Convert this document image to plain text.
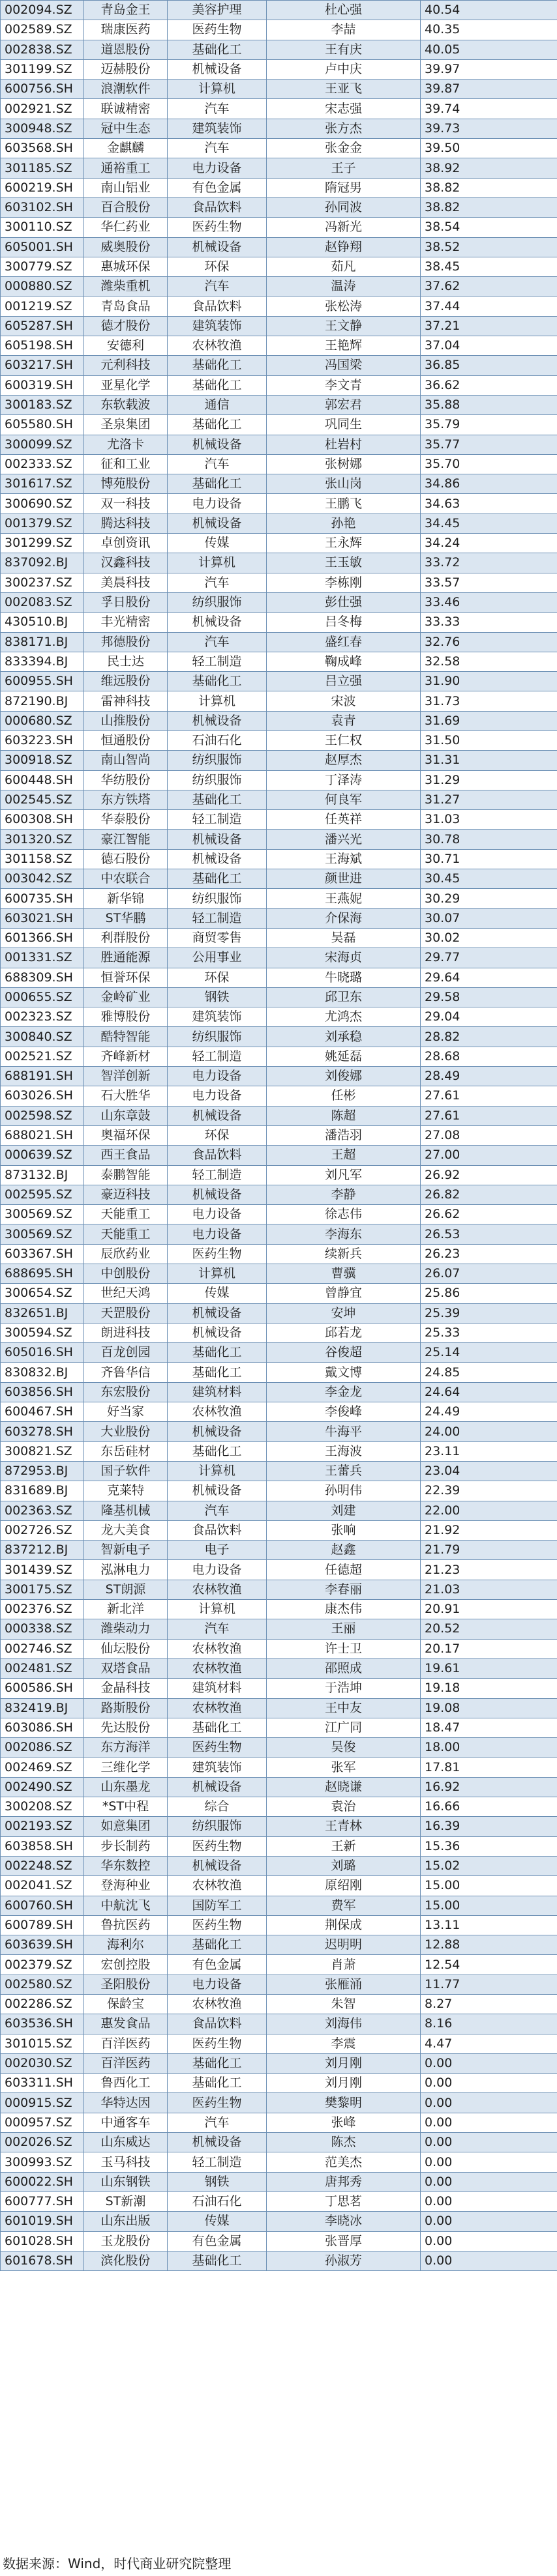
002094.SZ	青岛金王	美容护理	杜心强	40.54
002589.SZ	瑞康医药	医药生物	李喆	40.35
002838.SZ	道恩股份	基础化工	王有庆	40.05
301199.SZ	迈赫股份	机械设备	卢中庆	39.97
600756.SH	浪潮软件	计算机	王亚飞	39.87
002921.SZ	联诚精密	汽车	宋志强	39.74
300948.SZ	冠中生态	建筑装饰	张方杰	39.73
603568.SH	金麒麟	汽车	张金金	39.50
301185.SZ	通裕重工	电力设备	王子	38.92
600219.SH	南山铝业	有色金属	隋冠男	38.82
603102.SH	百合股份	食品饮料	孙同波	38.82
300110.SZ	华仁药业	医药生物	冯新光	38.54
605001.SH	威奥股份	机械设备	赵铮翔	38.52
300779.SZ	惠城环保	环保	茹凡	38.45
000880.SZ	潍柴重机	汽车	温涛	37.62
001219.SZ	青岛食品	食品饮料	张松涛	37.44
605287.SH	德才股份	建筑装饰	王文静	37.21
605198.SH	安德利	农林牧渔	王艳辉	37.04
603217.SH	元利科技	基础化工	冯国梁	36.85
600319.SH	亚星化学	基础化工	李文青	36.62
300183.SZ	东软载波	通信	郭宏君	35.88
605580.SH	圣泉集团	基础化工	巩同生	35.79
300099.SZ	尤洛卡	机械设备	杜岩村	35.77
002333.SZ	征和工业	汽车	张树娜	35.70
301617.SZ	博苑股份	基础化工	张山岗	34.86
300690.SZ	双一科技	电力设备	王鹏飞	34.63
001379.SZ	腾达科技	机械设备	孙艳	34.45
301299.SZ	卓创资讯	传媒	王永辉	34.24
837092.BJ	汉鑫科技	计算机	王玉敏	33.72
300237.SZ	美晨科技	汽车	李栋刚	33.57
002083.SZ	孚日股份	纺织服饰	彭仕强	33.46
430510.BJ	丰光精密	机械设备	吕冬梅	33.33
838171.BJ	邦德股份	汽车	盛红春	32.76
833394.BJ	民士达	轻工制造	鞠成峰	32.58
600955.SH	维远股份	基础化工	吕立强	31.90
872190.BJ	雷神科技	计算机	宋波	31.73
000680.SZ	山推股份	机械设备	袁青	31.69
603223.SH	恒通股份	石油石化	王仁权	31.50
300918.SZ	南山智尚	纺织服饰	赵厚杰	31.31
600448.SH	华纺股份	纺织服饰	丁泽涛	31.29
002545.SZ	东方铁塔	基础化工	何良军	31.27
600308.SH	华泰股份	轻工制造	任英祥	31.03
301320.SZ	豪江智能	机械设备	潘兴光	30.78
301158.SZ	德石股份	机械设备	王海斌	30.71
003042.SZ	中农联合	基础化工	颜世进	30.45
600735.SH	新华锦	纺织服饰	王燕妮	30.29
603021.SH	ST华鹏	轻工制造	介保海	30.07
601366.SH	利群股份	商贸零售	吴磊	30.02
001331.SZ	胜通能源	公用事业	宋海贞	29.77
688309.SH	恒誉环保	环保	牛晓璐	29.64
000655.SZ	金岭矿业	钢铁	邱卫东	29.58
002323.SZ	雅博股份	建筑装饰	尤鸿杰	29.04
300840.SZ	酷特智能	纺织服饰	刘承稳	28.82
002521.SZ	齐峰新材	轻工制造	姚延磊	28.68
688191.SH	智洋创新	电力设备	刘俊娜	28.49
603026.SH	石大胜华	电力设备	任彬	27.61
002598.SZ	山东章鼓	机械设备	陈超	27.61
688021.SH	奥福环保	环保	潘浩羽	27.08
000639.SZ	西王食品	食品饮料	王超	27.00
873132.BJ	泰鹏智能	轻工制造	刘凡军	26.92
002595.SZ	豪迈科技	机械设备	李静	26.82
300569.SZ	天能重工	电力设备	徐志伟	26.62
300569.SZ	天能重工	电力设备	李海东	26.53
603367.SH	辰欣药业	医药生物	续新兵	26.23
688695.SH	中创股份	计算机	曹骥	26.07
300654.SZ	世纪天鸿	传媒	曾静宜	25.86
832651.BJ	天罡股份	机械设备	安坤	25.39
300594.SZ	朗进科技	机械设备	邱若龙	25.33
605016.SH	百龙创园	基础化工	谷俊超	25.14
830832.BJ	齐鲁华信	基础化工	戴文博	24.85
603856.SH	东宏股份	建筑材料	李金龙	24.64
600467.SH	好当家	农林牧渔	李俊峰	24.49
603278.SH	大业股份	机械设备	牛海平	24.00
300821.SZ	东岳硅材	基础化工	王海波	23.11
872953.BJ	国子软件	计算机	王蕾兵	23.04
831689.BJ	克莱特	机械设备	孙明伟	22.39
002363.SZ	隆基机械	汽车	刘建	22.00
002726.SZ	龙大美食	食品饮料	张响	21.92
837212.BJ	智新电子	电子	赵鑫	21.79
301439.SZ	泓淋电力	电力设备	任德超	21.23
300175.SZ	ST朗源	农林牧渔	李春丽	21.03
002376.SZ	新北洋	计算机	康杰伟	20.91
000338.SZ	潍柴动力	汽车	王丽	20.52
002746.SZ	仙坛股份	农林牧渔	许士卫	20.17
002481.SZ	双塔食品	农林牧渔	邵照成	19.61
600586.SH	金晶科技	建筑材料	于浩坤	19.18
832419.BJ	路斯股份	农林牧渔	王中友	19.08
603086.SH	先达股份	基础化工	江广同	18.47
002086.SZ	东方海洋	医药生物	吴俊	18.00
002469.SZ	三维化学	建筑装饰	张军	17.81
002490.SZ	山东墨龙	机械设备	赵晓谦	16.92
300208.SZ	*ST中程	综合	袁治	16.66
002193.SZ	如意集团	纺织服饰	王青林	16.39
603858.SH	步长制药	医药生物	王新	15.36
002248.SZ	华东数控	机械设备	刘璐	15.02
002041.SZ	登海种业	农林牧渔	原绍刚	15.00
600760.SH	中航沈飞	国防军工	费军	15.00
600789.SH	鲁抗医药	医药生物	荆保成	13.11
603639.SH	海利尔	基础化工	迟明明	12.88
002379.SZ	宏创控股	有色金属	肖萧	12.54
002580.SZ	圣阳股份	电力设备	张雁涌	11.77
002286.SZ	保龄宝	农林牧渔	朱智	8.27
603536.SH	惠发食品	食品饮料	刘海伟	8.16
301015.SZ	百洋医药	医药生物	李震	4.47
002030.SZ	百洋医药	基础化工	刘月刚	0.00
603311.SH	鲁西化工	基础化工	刘月刚	0.00
000915.SZ	华特达因	医药生物	樊黎明	0.00
000957.SZ	中通客车	汽车	张峰	0.00
002026.SZ	山东威达	机械设备	陈杰	0.00
300993.SZ	玉马科技	轻工制造	范美杰	0.00
600022.SH	山东钢铁	钢铁	唐邦秀	0.00
600777.SH	ST新潮	石油石化	丁思茗	0.00
601019.SH	山东出版	传媒	李晓冰	0.00
601028.SH	玉龙股份	有色金属	张晋厚	0.00
601678.SH	滨化股份	基础化工	孙淑芳	0.00
数据来源：Wind，时代商业研究院整理
